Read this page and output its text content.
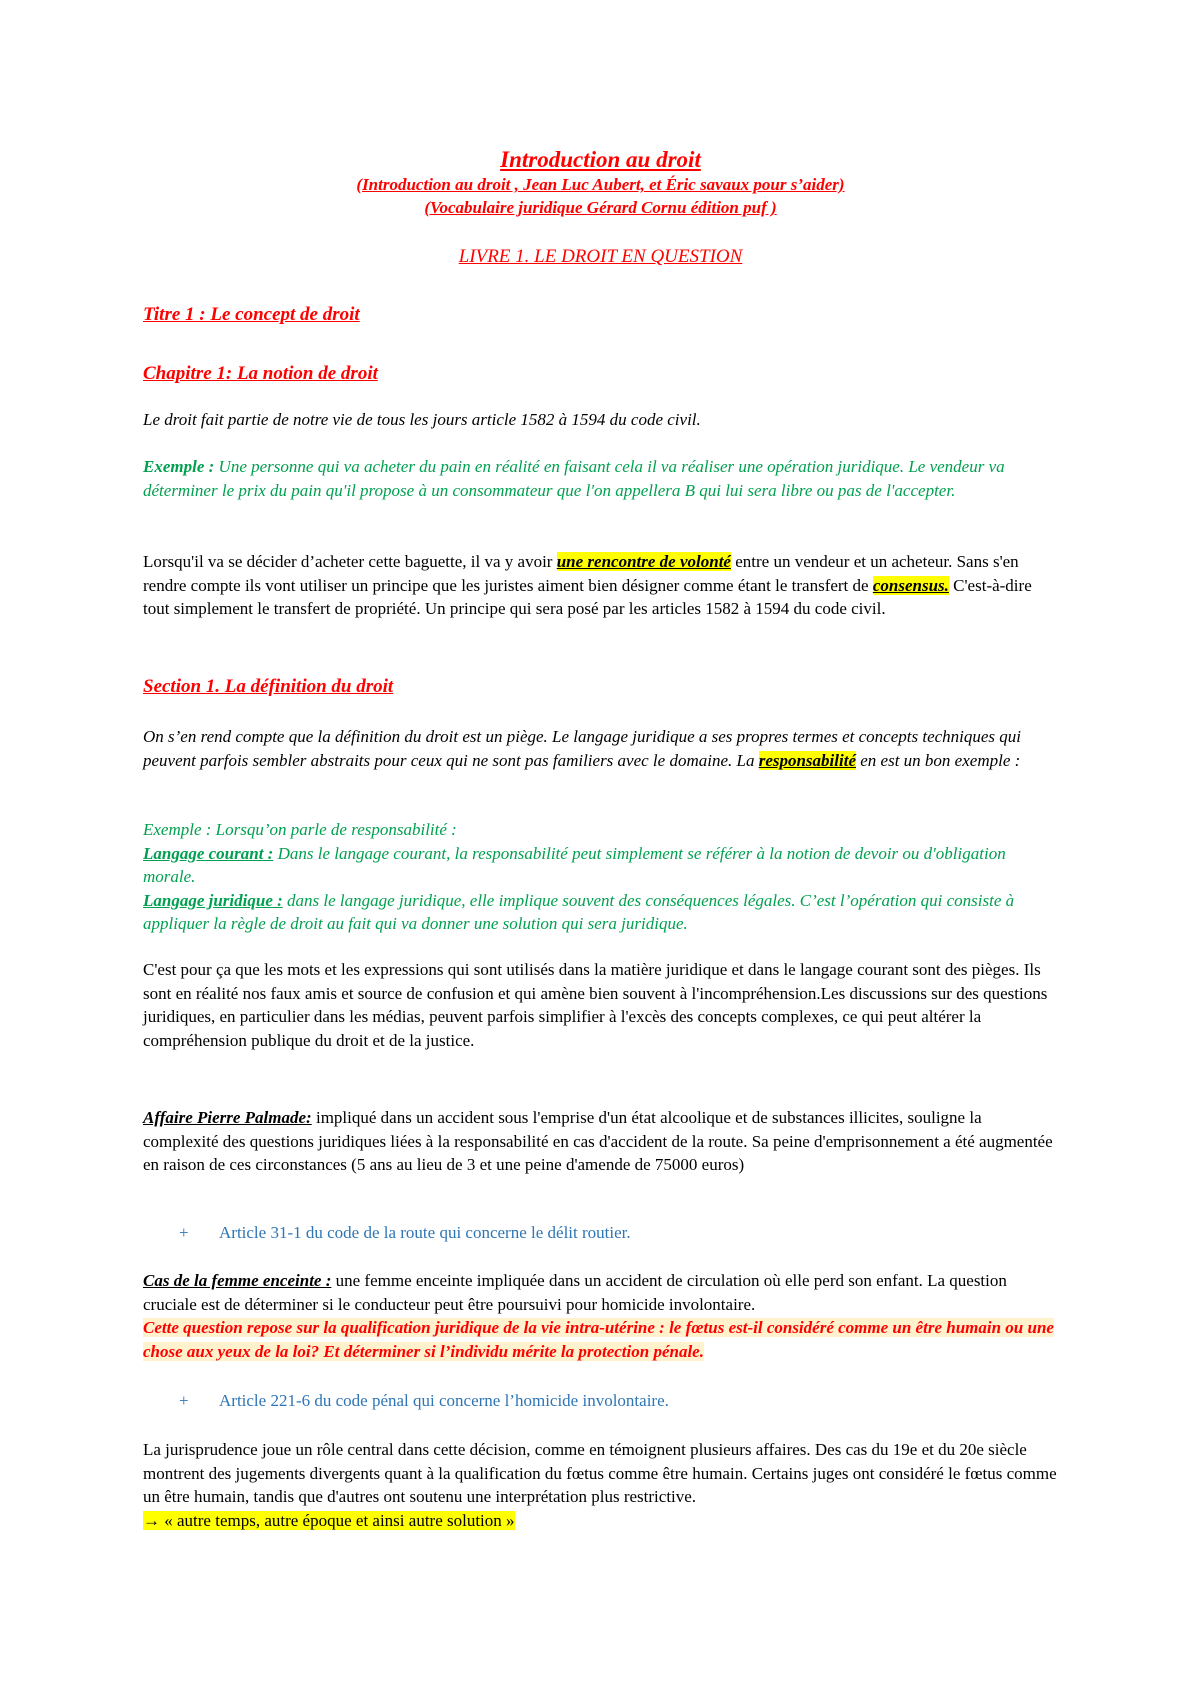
Introduction au droit
(Introduction au droit , Jean Luc Aubert, et Éric savaux pour s’aider)
(Vocabulaire juridique Gérard Cornu édition puf )
LIVRE 1. LE DROIT EN QUESTION
Titre 1 : Le concept de droit
Chapitre 1: La notion de droit

Le droit fait partie de notre vie de tous les jours article 1582 à 1594 du code civil.

Exemple : Une personne qui va acheter du pain en réalité en faisant cela il va réaliser une opération juridique. Le vendeur va déterminer le prix du pain qu'il propose à un consommateur que l'on appellera B qui lui sera libre ou pas de l'accepter.

Lorsqu'il va se décider d’acheter cette baguette, il va y avoir une rencontre de volonté entre un vendeur et un acheteur. Sans s'en rendre compte ils vont utiliser un principe que les juristes aiment bien désigner comme étant le transfert de consensus. C'est-à-dire tout simplement le transfert de propriété. Un principe qui sera posé par les articles 1582 à 1594 du code civil.

Section 1. La définition du droit

On s’en rend compte que la définition du droit est un piège. Le langage juridique a ses propres termes et concepts techniques qui peuvent parfois sembler abstraits pour ceux qui ne sont pas familiers avec le domaine. La responsabilité en est un bon exemple :

Exemple : Lorsqu’on parle de responsabilité :

Langage courant : Dans le langage courant, la responsabilité peut simplement se référer à la notion de devoir ou d'obligation morale.

Langage juridique : dans le langage juridique, elle implique souvent des conséquences légales. C’est l’opération qui consiste à appliquer la règle de droit au fait qui va donner une solution qui sera juridique.

C'est pour ça que les mots et les expressions qui sont utilisés dans la matière juridique et dans le langage courant sont des pièges. Ils sont en réalité nos faux amis et source de confusion et qui amène bien souvent à l'incompréhension.Les discussions sur des questions juridiques, en particulier dans les médias, peuvent parfois simplifier à l'excès des concepts complexes, ce qui peut altérer la compréhension publique du droit et de la justice.

Affaire Pierre Palmade: impliqué dans un accident sous l'emprise d'un état alcoolique et de substances illicites, souligne la complexité des questions juridiques liées à la responsabilité en cas d'accident de la route. Sa peine d'emprisonnement a été augmentée en raison de ces circonstances (5 ans au lieu de 3 et une peine d'amende de 75000 euros)

+ Article 31-1 du code de la route qui concerne le délit routier.

Cas de la femme enceinte : une femme enceinte impliquée dans un accident de circulation où elle perd son enfant. La question cruciale est de déterminer si le conducteur peut être poursuivi pour homicide involontaire.
Cette question repose sur la qualification juridique de la vie intra-utérine : le fœtus est-il considéré comme un être humain ou une chose aux yeux de la loi? Et déterminer si l’individu mérite la protection pénale.

+ Article 221-6 du code pénal qui concerne l’homicide involontaire.

La jurisprudence joue un rôle central dans cette décision, comme en témoignent plusieurs affaires. Des cas du 19e et du 20e siècle montrent des jugements divergents quant à la qualification du fœtus comme être humain. Certains juges ont considéré le fœtus comme un être humain, tandis que d'autres ont soutenu une interprétation plus restrictive.
→ « autre temps, autre époque et ainsi autre solution »
